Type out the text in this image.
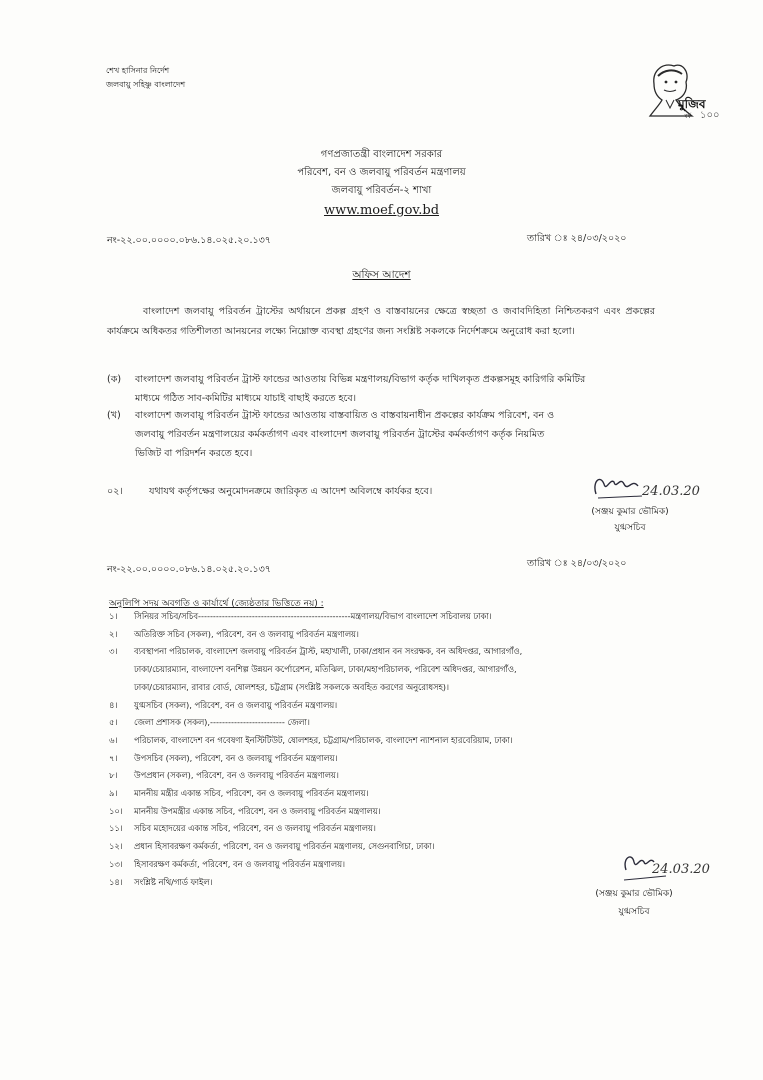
শেখ হাসিনার নির্দেশ
জলবায়ু সহিষ্ণু বাংলাদেশ
মুজিব
বর্ষ ১০০
গণপ্রজাতন্ত্রী বাংলাদেশ সরকার
পরিবেশ, বন ও জলবায়ু পরিবর্তন মন্ত্রণালয়
জলবায়ু পরিবর্তন-২ শাখা
www.moef.gov.bd
নং-২২.০০.০০০০.০৮৬.১৪.০২৫.২০.১৩৭	তারিখ ঃ ২৪/০৩/২০২০
অফিস আদেশ
বাংলাদেশ জলবায়ু পরিবর্তন ট্রাস্টের অর্থায়নে প্রকল্প গ্রহণ ও বাস্তবায়নের ক্ষেত্রে স্বচ্ছতা ও জবাবদিহিতা নিশ্চিতকরণ এবং প্রকল্পের কার্যক্রমে অধিকতর গতিশীলতা আনয়নের লক্ষ্যে নিম্নোক্ত ব্যবস্থা গ্রহণের জন্য সংশ্লিষ্ট সকলকে নির্দেশক্রমে অনুরোধ করা হলো।
(ক)	বাংলাদেশ জলবায়ু পরিবর্তন ট্রাস্ট ফান্ডের আওতায় বিভিন্ন মন্ত্রণালয়/বিভাগ কর্তৃক দাখিলকৃত প্রকল্পসমূহ কারিগরি কমিটির
মাধ্যমে গঠিত সাব-কমিটির মাধ্যমে যাচাই বাছাই করতে হবে।
(খ)	বাংলাদেশ জলবায়ু পরিবর্তন ট্রাস্ট ফান্ডের আওতায় বাস্তবায়িত ও বাস্তবায়নাধীন প্রকল্পের কার্যক্রম পরিবেশ, বন ও
জলবায়ু পরিবর্তন মন্ত্রণালয়ের কর্মকর্তাগণ এবং বাংলাদেশ জলবায়ু পরিবর্তন ট্রাস্টের কর্মকর্তাগণ কর্তৃক নিয়মিত
ভিজিট বা পরিদর্শন করতে হবে।
০২।	যথাযথ কর্তৃপক্ষের অনুমোদনক্রমে জারিকৃত এ আদেশ অবিলম্বে কার্যকর হবে।	24.03.20
(সঞ্জয় কুমার ভৌমিক)
যুগ্মসচিব
নং-২২.০০.০০০০.০৮৬.১৪.০২৫.২০.১৩৭
তারিখ ঃ ২৪/০৩/২০২০
অনুলিপি সদয় অবগতি ও কার্যার্থে (জ্যেষ্ঠতার ভিত্তিতে নয়) :
১।	সিনিয়র সচিব/সচিব---------------------------------------------------মন্ত্রণালয়/বিভাগ বাংলাদেশ সচিবালয় ঢাকা।
২।	অতিরিক্ত সচিব (সকল), পরিবেশ, বন ও জলবায়ু পরিবর্তন মন্ত্রণালয়।
৩।	ব্যবস্থাপনা পরিচালক, বাংলাদেশ জলবায়ু পরিবর্তন ট্রাস্ট, মহাখালী, ঢাকা/প্রধান বন সংরক্ষক, বন অধিদপ্তর, আগারগাঁও,
ঢাকা/চেয়ারম্যান, বাংলাদেশ বনশিল্প উন্নয়ন কর্পোরেশন, মতিঝিল, ঢাকা/মহাপরিচালক, পরিবেশ অধিদপ্তর, আগারগাঁও,
ঢাকা/চেয়ারম্যান, রাবার বোর্ড, ষোলশহর, চট্টগ্রাম (সংশ্লিষ্ট সকলকে অবহিত করণের অনুরোধসহ)।
৪।	যুগ্মসচিব (সকল), পরিবেশ, বন ও জলবায়ু পরিবর্তন মন্ত্রণালয়।
৫।	জেলা প্রশাসক (সকল),------------------------- জেলা।
৬।	পরিচালক, বাংলাদেশ বন গবেষণা ইনস্টিটিউট, ষোলশহর, চট্টগ্রাম/পরিচালক, বাংলাদেশ ন্যাশনাল হারবেরিয়াম, ঢাকা।
৭।	উপসচিব (সকল), পরিবেশ, বন ও জলবায়ু পরিবর্তন মন্ত্রণালয়।
৮।	উপপ্রধান (সকল), পরিবেশ, বন ও জলবায়ু পরিবর্তন মন্ত্রণালয়।
৯।	মাননীয় মন্ত্রীর একান্ত সচিব, পরিবেশ, বন ও জলবায়ু পরিবর্তন মন্ত্রণালয়।
১০।	মাননীয় উপমন্ত্রীর একান্ত সচিব, পরিবেশ, বন ও জলবায়ু পরিবর্তন মন্ত্রণালয়।
১১।	সচিব মহোদয়ের একান্ত সচিব, পরিবেশ, বন ও জলবায়ু পরিবর্তন মন্ত্রণালয়।
১২।	প্রধান হিসাবরক্ষণ কর্মকর্তা, পরিবেশ, বন ও জলবায়ু পরিবর্তন মন্ত্রণালয়, সেগুনবাগিচা, ঢাকা।
১৩।	হিসাবরক্ষণ কর্মকর্তা, পরিবেশ, বন ও জলবায়ু পরিবর্তন মন্ত্রণালয়।
১৪।	সংশ্লিষ্ট নথি/গার্ড ফাইল।
24.03.20
(সঞ্জয় কুমার ভৌমিক)
যুগ্মসচিব
